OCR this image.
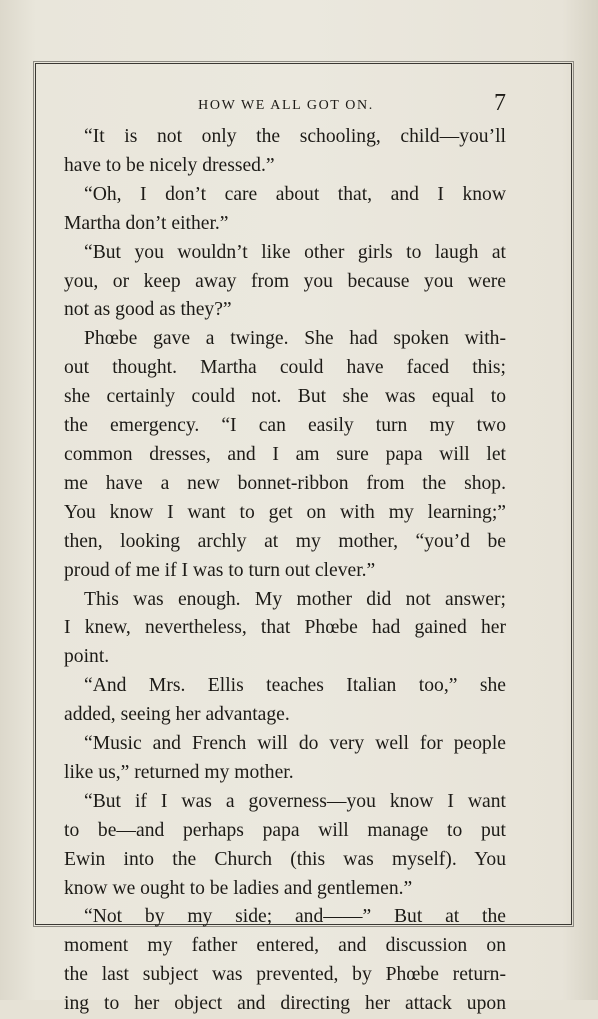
HOW WE ALL GOT ON.	7

“It is not only the schooling, child—you’ll
have to be nicely dressed.”

“Oh, I don’t care about that, and I know
Martha don’t either.”

“But you wouldn’t like other girls to laugh at
you, or keep away from you because you were
not as good as they?”

Phœbe gave a twinge. She had spoken with-
out thought. Martha could have faced this;
she certainly could not. But she was equal to
the emergency. “I can easily turn my two
common dresses, and I am sure papa will let
me have a new bonnet-ribbon from the shop.
You know I want to get on with my learning;”
then, looking archly at my mother, “you’d be
proud of me if I was to turn out clever.”

This was enough. My mother did not answer;
I knew, nevertheless, that Phœbe had gained her
point.

“And Mrs. Ellis teaches Italian too,” she
added, seeing her advantage.

“Music and French will do very well for people
like us,” returned my mother.

“But if I was a governess—you know I want
to be—and perhaps papa will manage to put
Ewin into the Church (this was myself). You
know we ought to be ladies and gentlemen.”

“Not by my side; and——” But at the
moment my father entered, and discussion on
the last subject was prevented, by Phœbe return-
ing to her object and directing her attack upon
